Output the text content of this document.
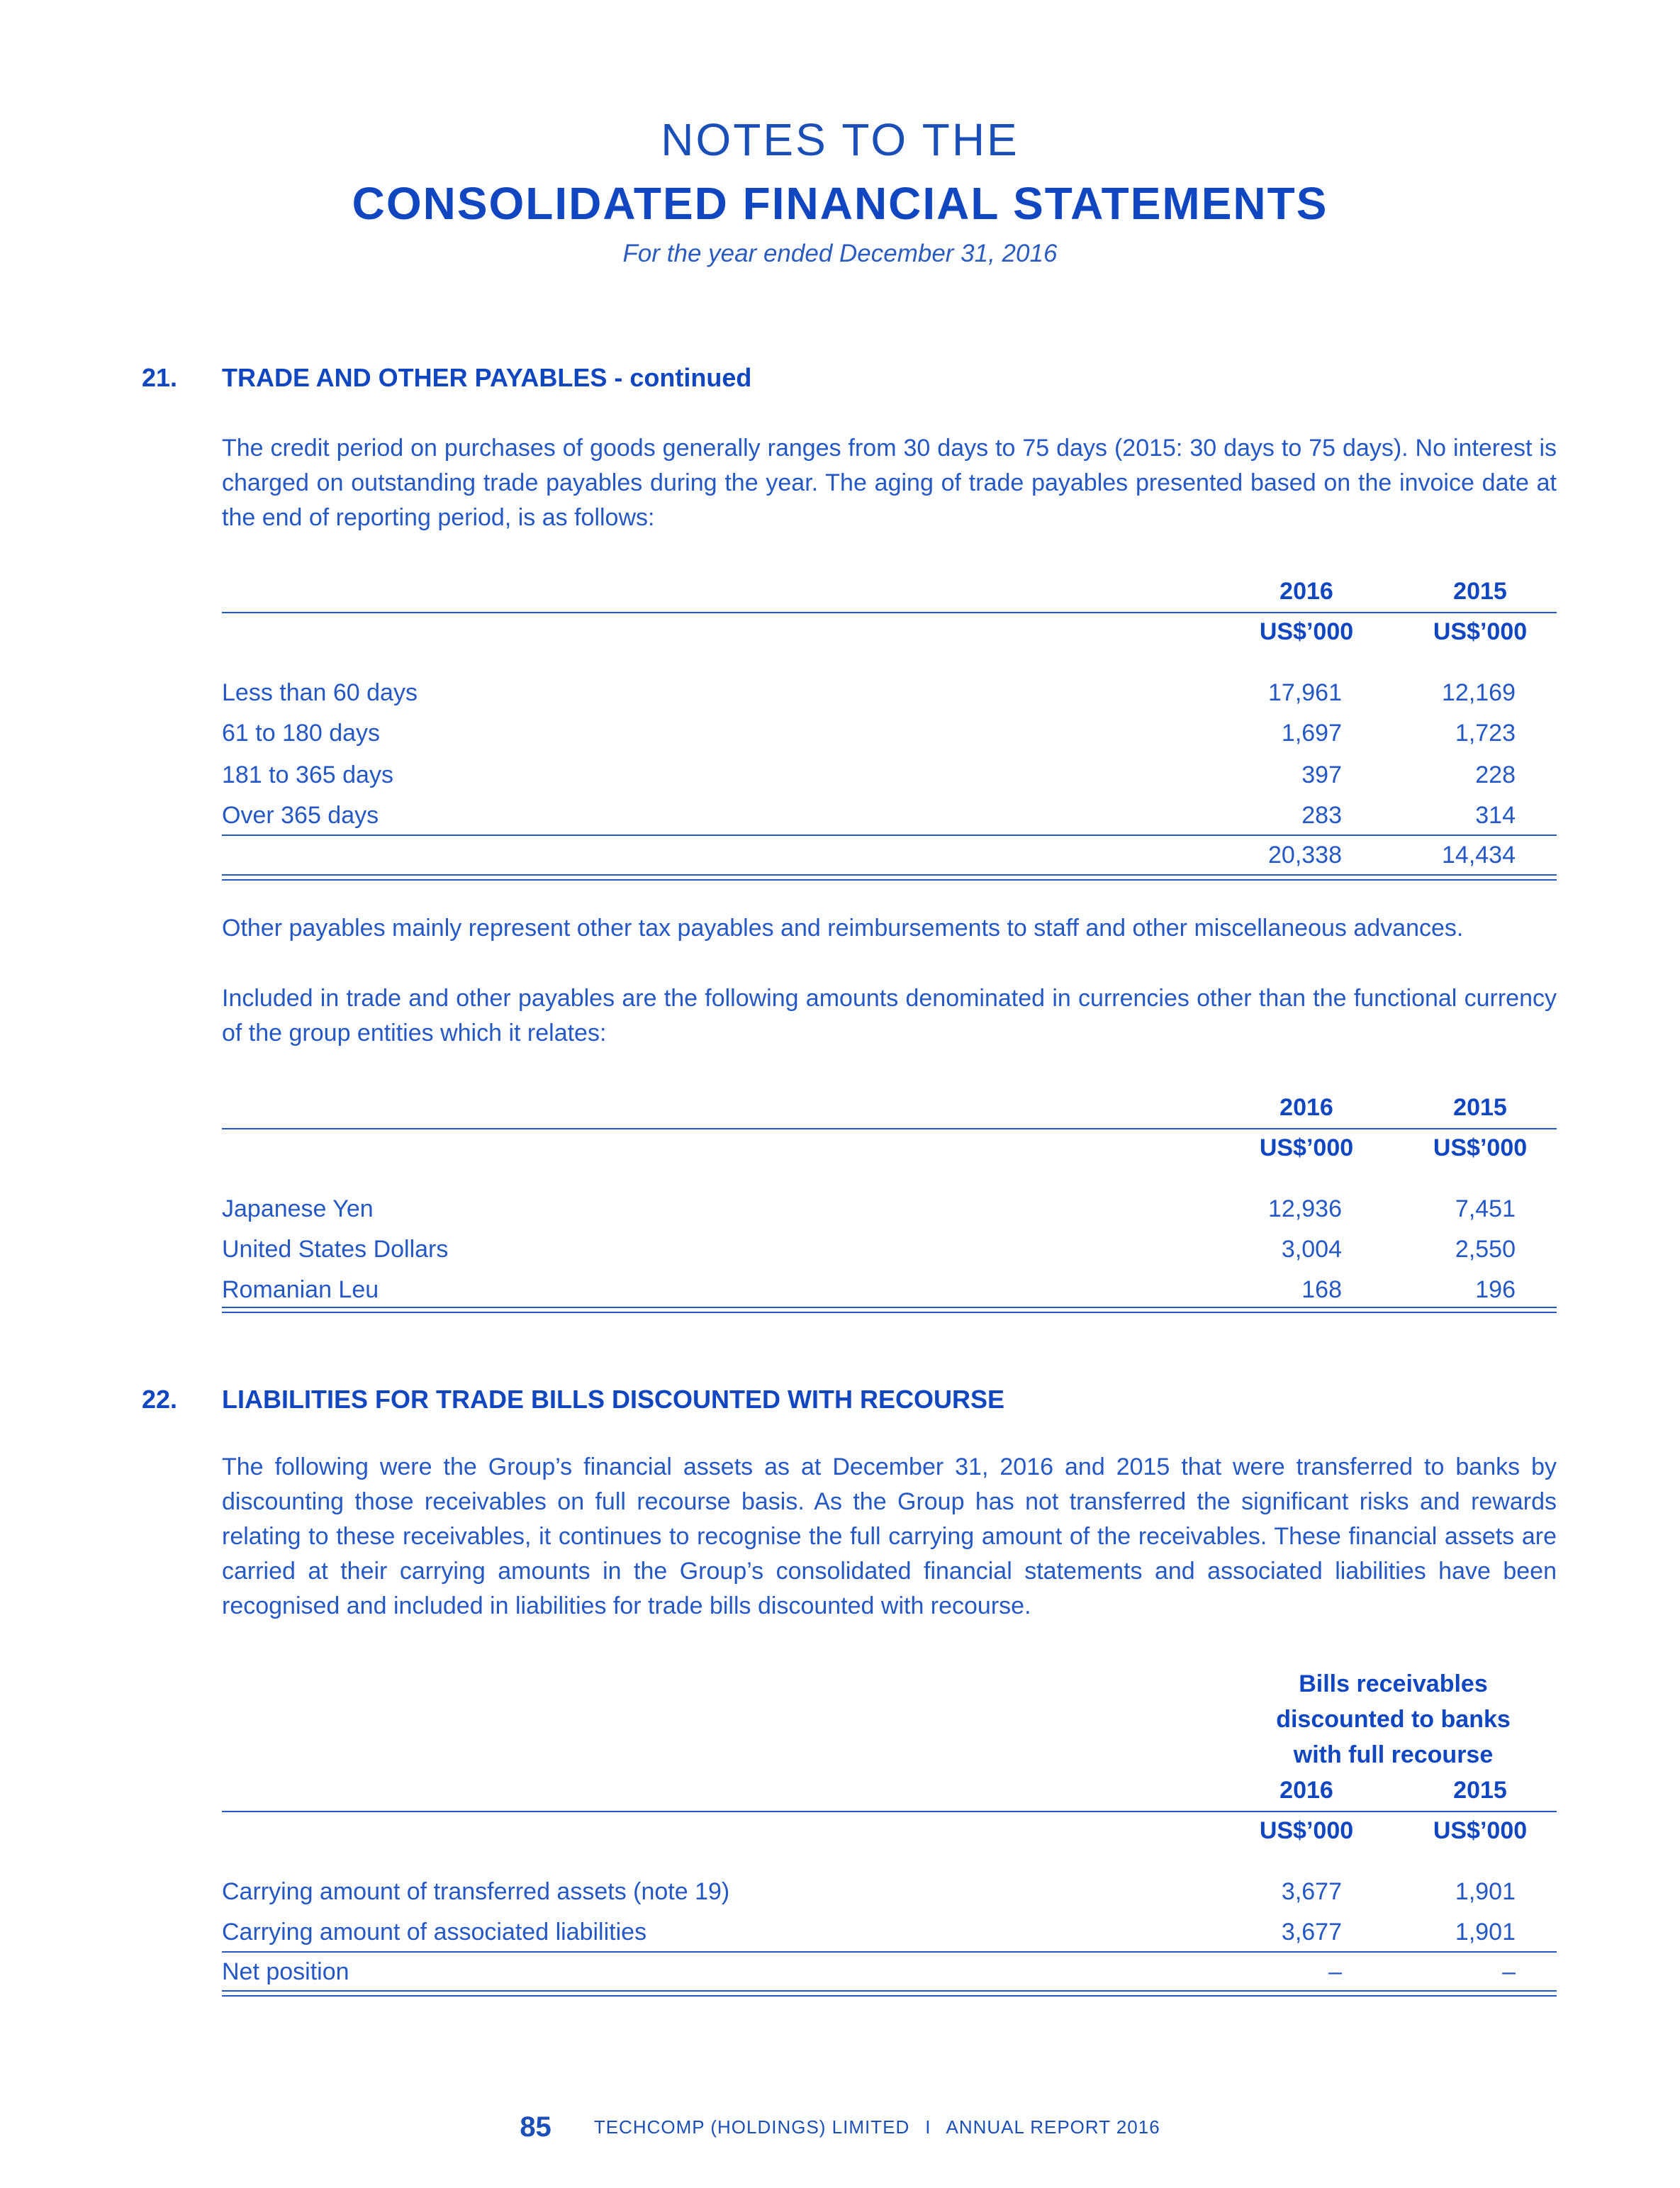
NOTES TO THE
CONSOLIDATED FINANCIAL STATEMENTS
For the year ended December 31, 2016
21. TRADE AND OTHER PAYABLES - continued
The credit period on purchases of goods generally ranges from 30 days to 75 days (2015: 30 days to 75 days). No interest is charged on outstanding trade payables during the year. The aging of trade payables presented based on the invoice date at the end of reporting period, is as follows:
2016	2015
US$’000	US$’000
Less than 60 days	17,961	12,169
61 to 180 days	1,697	1,723
181 to 365 days	397	228
Over 365 days	283	314
20,338	14,434
Other payables mainly represent other tax payables and reimbursements to staff and other miscellaneous advances.
Included in trade and other payables are the following amounts denominated in currencies other than the functional currency of the group entities which it relates:
2016	2015
US$’000	US$’000
Japanese Yen	12,936	7,451
United States Dollars	3,004	2,550
Romanian Leu	168	196
22. LIABILITIES FOR TRADE BILLS DISCOUNTED WITH RECOURSE
The following were the Group’s financial assets as at December 31, 2016 and 2015 that were transferred to banks by discounting those receivables on full recourse basis. As the Group has not transferred the significant risks and rewards relating to these receivables, it continues to recognise the full carrying amount of the receivables. These financial assets are carried at their carrying amounts in the Group’s consolidated financial statements and associated liabilities have been recognised and included in liabilities for trade bills discounted with recourse.
Bills receivables
discounted to banks
with full recourse
2016	2015
US$’000	US$’000
Carrying amount of transferred assets (note 19)	3,677	1,901
Carrying amount of associated liabilities	3,677	1,901
Net position	–	–
85 TECHCOMP (HOLDINGS) LIMITED I ANNUAL REPORT 2016
